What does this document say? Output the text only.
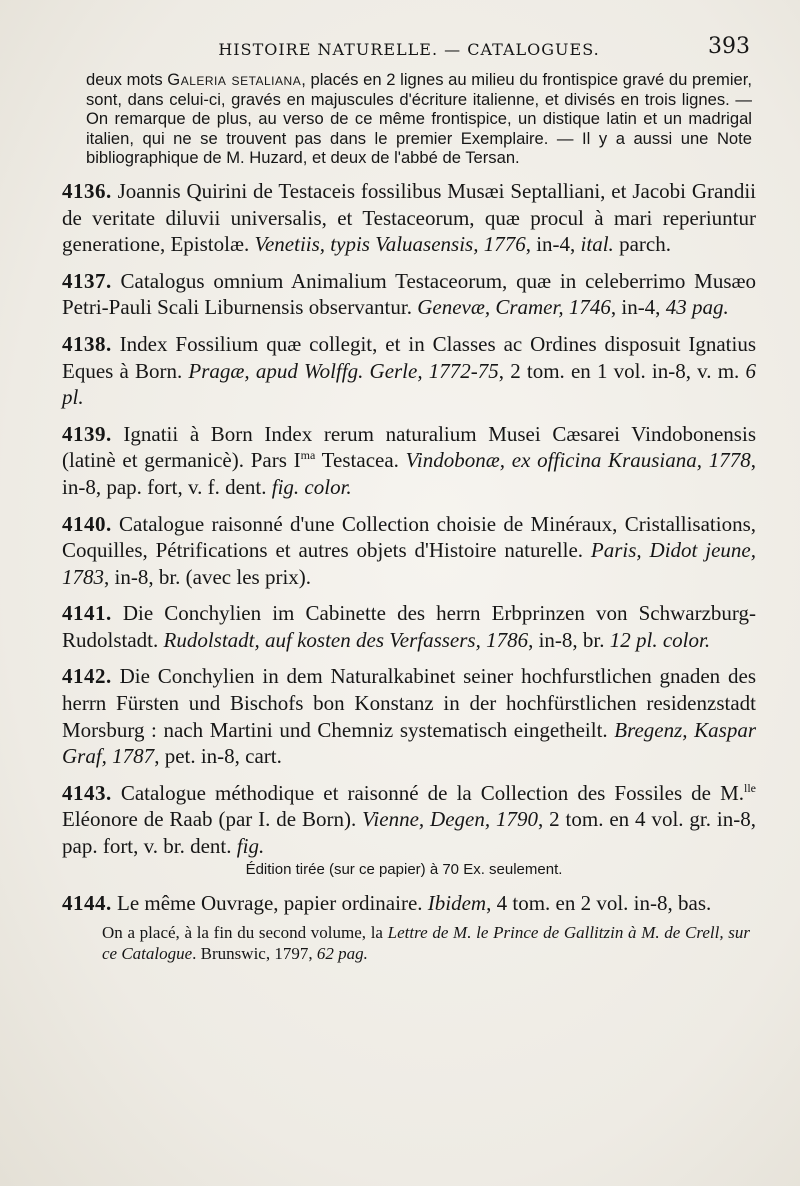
HISTOIRE NATURELLE. — CATALOGUES.	393
deux mots Galeria setaliana, placés en 2 lignes au milieu du frontispice gravé du premier, sont, dans celui-ci, gravés en majuscules d'écriture italienne, et divisés en trois lignes. — On remarque de plus, au verso de ce même frontispice, un distique latin et un madrigal italien, qui ne se trouvent pas dans le premier Exemplaire. — Il y a aussi une Note bibliographique de M. Huzard, et deux de l'abbé de Tersan.
4136. Joannis Quirini de Testaceis fossilibus Musæi Septalliani, et Jacobi Grandii de veritate diluvii universalis, et Testaceorum, quæ procul à mari reperiuntur generatione, Epistolæ. Venetiis, typis Valuasensis, 1776, in-4, ital. parch.
4137. Catalogus omnium Animalium Testaceorum, quæ in celeberrimo Musæo Petri-Pauli Scali Liburnensis observantur. Genevæ, Cramer, 1746, in-4, 43 pag.
4138. Index Fossilium quæ collegit, et in Classes ac Ordines disposuit Ignatius Eques à Born. Pragæ, apud Wolffg. Gerle, 1772-75, 2 tom. en 1 vol. in-8, v. m. 6 pl.
4139. Ignatii à Born Index rerum naturalium Musei Cæsarei Vindobonensis (latinè et germanicè). Pars $I^{ma}$ Testacea. Vindobonæ, ex officina Krausiana, 1778, in-8, pap. fort, v. f. dent. fig. color.
4140. Catalogue raisonné d'une Collection choisie de Minéraux, Cristallisations, Coquilles, Pétrifications et autres objets d'Histoire naturelle. Paris, Didot jeune, 1783, in-8, br. (avec les prix).
4141. Die Conchylien im Cabinette des herrn Erbprinzen von Schwarzburg-Rudolstadt. Rudolstadt, auf kosten des Verfassers, 1786, in-8, br. 12 pl. color.
4142. Die Conchylien in dem Naturalkabinet seiner hochfurstlichen gnaden des herrn Fürsten und Bischofs bon Konstanz in der hochfürstlichen residenzstadt Morsburg : nach Martini und Chemniz systematisch eingetheilt. Bregenz, Kaspar Graf, 1787, pet. in-8, cart.
4143. Catalogue méthodique et raisonné de la Collection des Fossiles de M.$^{lle}$ Eléonore de Raab (par I. de Born). Vienne, Degen, 1790, 2 tom. en 4 vol. gr. in-8, pap. fort, v. br. dent. fig.
Édition tirée (sur ce papier) à 70 Ex. seulement.
4144. Le même Ouvrage, papier ordinaire. Ibidem, 4 tom. en 2 vol. in-8, bas.
On a placé, à la fin du second volume, la Lettre de M. le Prince de Gallitzin à M. de Crell, sur ce Catalogue. Brunswic, 1797, 62 pag.
